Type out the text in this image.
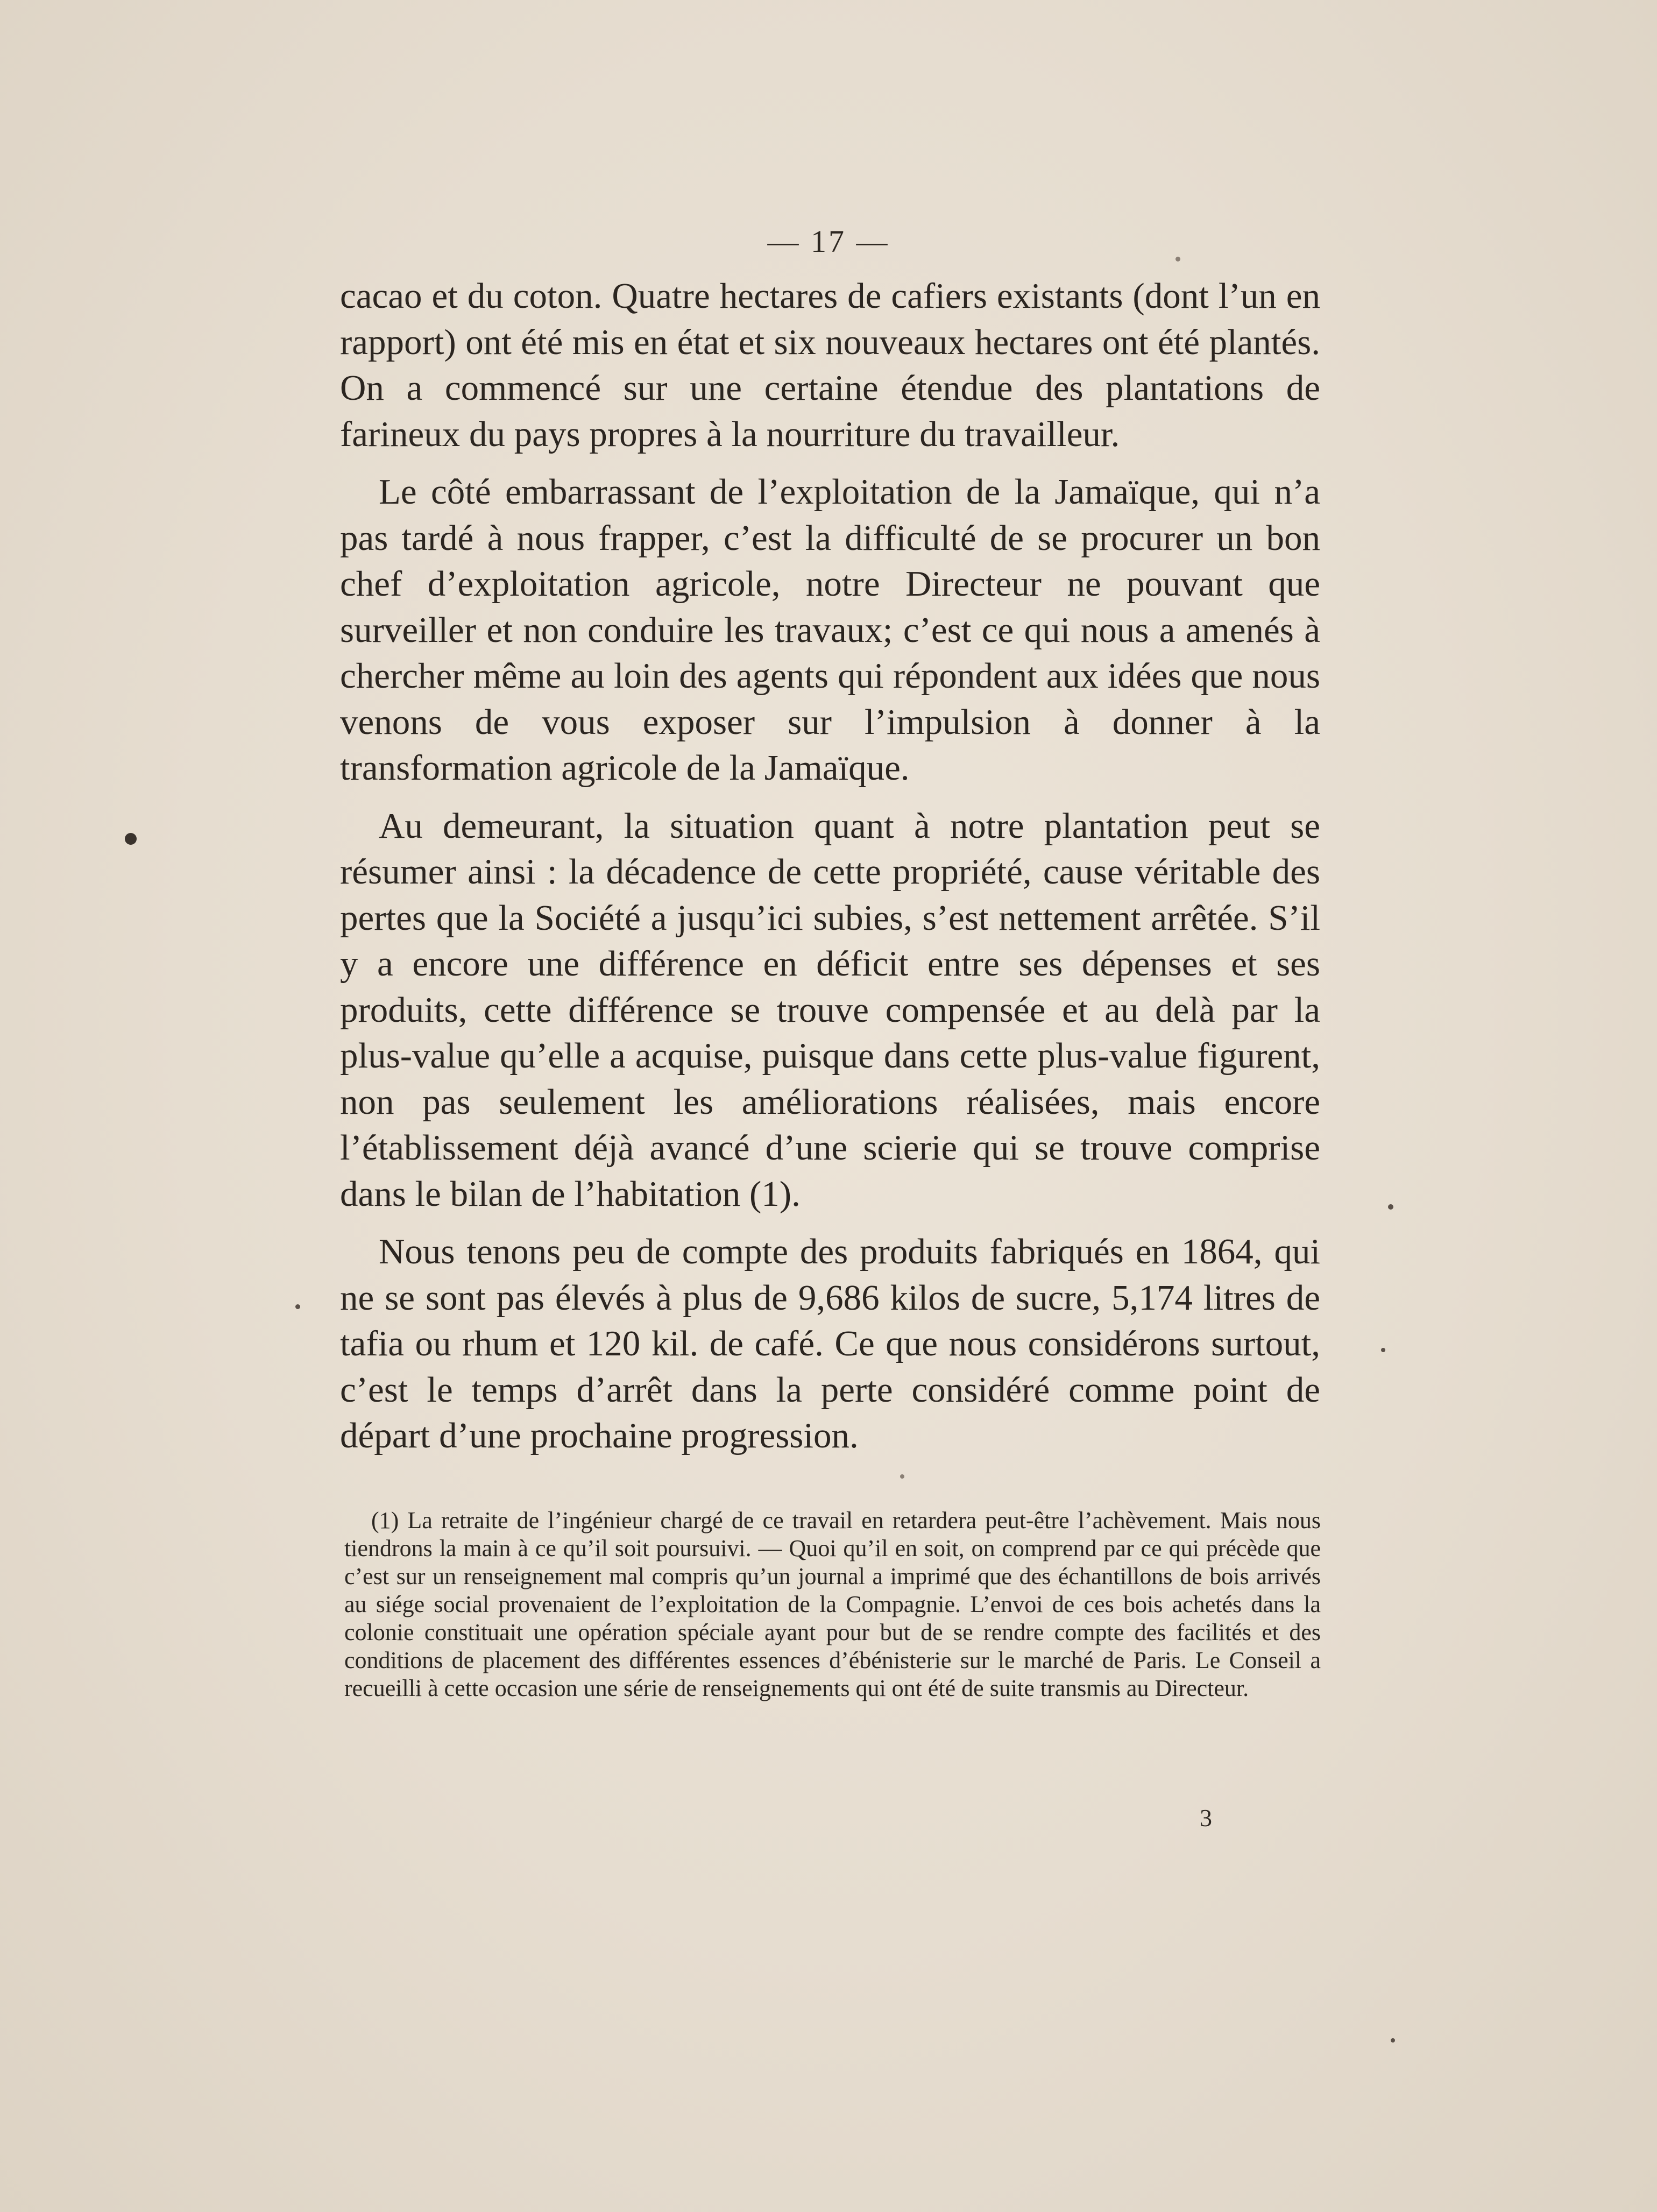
— 17 —

cacao et du coton. Quatre hectares de cafiers existants (dont l’un en rapport) ont été mis en état et six nouveaux hectares ont été plantés. On a commencé sur une certaine étendue des plantations de farineux du pays propres à la nourriture du travailleur.

Le côté embarrassant de l’exploitation de la Jamaïque, qui n’a pas tardé à nous frapper, c’est la difficulté de se procurer un bon chef d’exploitation agricole, notre Directeur ne pouvant que surveiller et non conduire les travaux; c’est ce qui nous a amenés à chercher même au loin des agents qui répondent aux idées que nous venons de vous exposer sur l’impulsion à donner à la transformation agricole de la Jamaïque.

Au demeurant, la situation quant à notre plantation peut se résumer ainsi : la décadence de cette propriété, cause véritable des pertes que la Société a jusqu’ici subies, s’est nettement arrêtée. S’il y a encore une différence en déficit entre ses dépenses et ses produits, cette différence se trouve compensée et au delà par la plus-value qu’elle a acquise, puisque dans cette plus-value figurent, non pas seulement les améliorations réalisées, mais encore l’établissement déjà avancé d’une scierie qui se trouve comprise dans le bilan de l’habitation (1).

Nous tenons peu de compte des produits fabriqués en 1864, qui ne se sont pas élevés à plus de 9,686 kilos de sucre, 5,174 litres de tafia ou rhum et 120 kil. de café. Ce que nous considérons surtout, c’est le temps d’arrêt dans la perte considéré comme point de départ d’une prochaine progression.

(1) La retraite de l’ingénieur chargé de ce travail en retardera peut-être l’achèvement. Mais nous tiendrons la main à ce qu’il soit poursuivi. — Quoi qu’il en soit, on comprend par ce qui précède que c’est sur un renseignement mal compris qu’un journal a imprimé que des échantillons de bois arrivés au siége social provenaient de l’exploitation de la Compagnie. L’envoi de ces bois achetés dans la colonie constituait une opération spéciale ayant pour but de se rendre compte des facilités et des conditions de placement des différentes essences d’ébénisterie sur le marché de Paris. Le Conseil a recueilli à cette occasion une série de renseignements qui ont été de suite transmis au Directeur.
3
